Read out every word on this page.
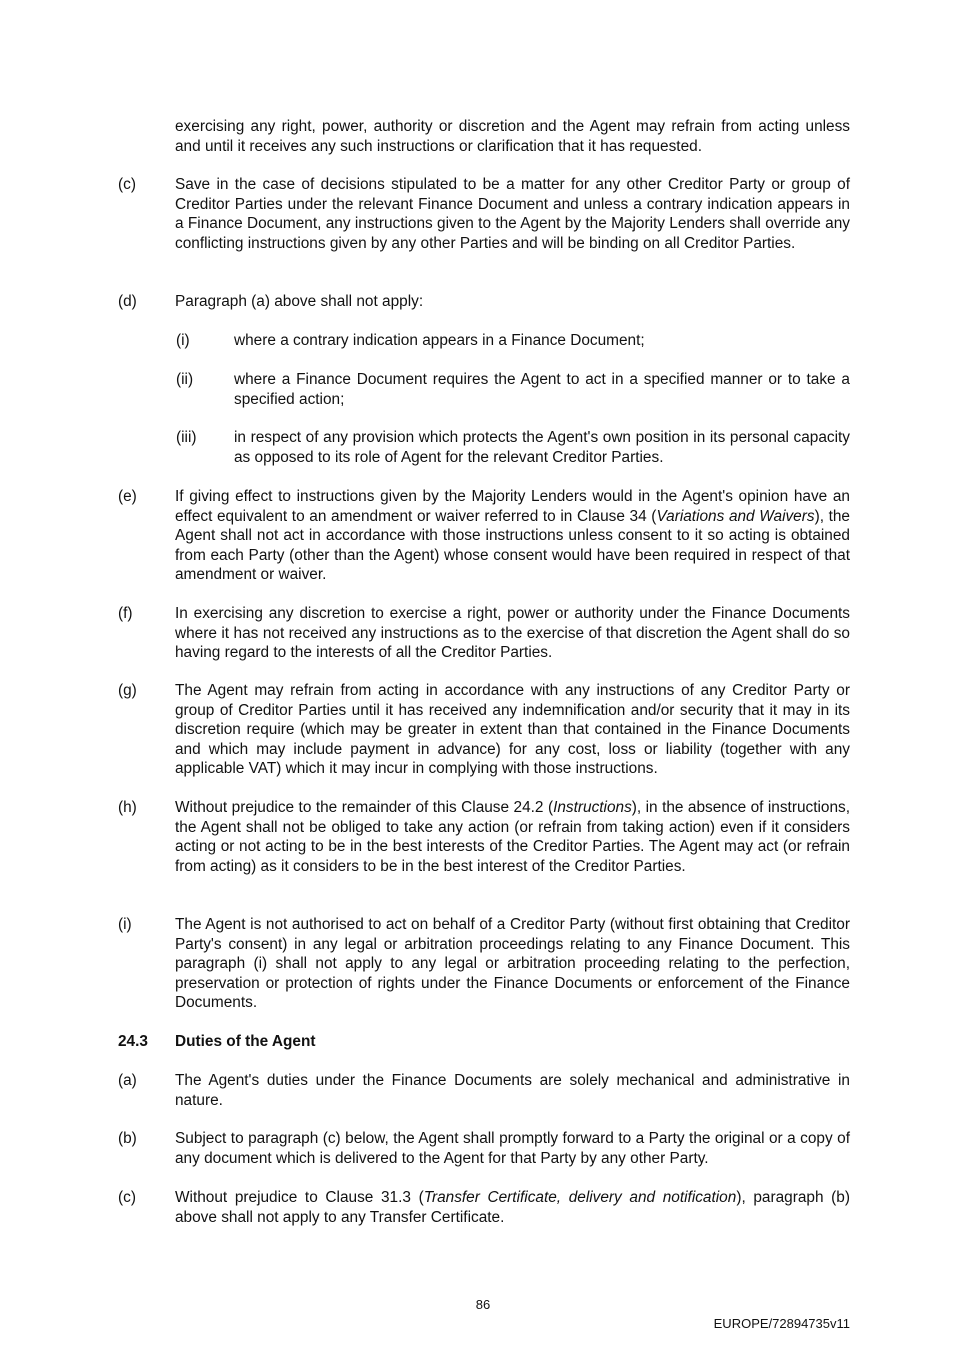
exercising any right, power, authority or discretion and the Agent may refrain from acting unless and until it receives any such instructions or clarification that it has requested.
(c)	Save in the case of decisions stipulated to be a matter for any other Creditor Party or group of Creditor Parties under the relevant Finance Document and unless a contrary indication appears in a Finance Document, any instructions given to the Agent by the Majority Lenders shall override any conflicting instructions given by any other Parties and will be binding on all Creditor Parties.
(d) Paragraph (a) above shall not apply:
(i)	where a contrary indication appears in a Finance Document;
(ii)	where a Finance Document requires the Agent to act in a specified manner or to take a specified action;
(iii) in respect of any provision which protects the Agent's own position in its personal capacity as opposed to its role of Agent for the relevant Creditor Parties.
(e) If giving effect to instructions given by the Majority Lenders would in the Agent's opinion have an effect equivalent to an amendment or waiver referred to in Clause 34 (Variations and Waivers), the Agent shall not act in accordance with those instructions unless consent to it so acting is obtained from each Party (other than the Agent) whose consent would have been required in respect of that amendment or waiver.
(f)	In exercising any discretion to exercise a right, power or authority under the Finance Documents where it has not received any instructions as to the exercise of that discretion the Agent shall do so having regard to the interests of all the Creditor Parties.
(g) The Agent may refrain from acting in accordance with any instructions of any Creditor Party or group of Creditor Parties until it has received any indemnification and/or security that it may in its discretion require (which may be greater in extent than that contained in the Finance Documents and which may include payment in advance) for any cost, loss or liability (together with any applicable VAT) which it may incur in complying with those instructions.
(h) Without prejudice to the remainder of this Clause 24.2 (Instructions), in the absence of instructions, the Agent shall not be obliged to take any action (or refrain from taking action) even if it considers acting or not acting to be in the best interests of the Creditor Parties. The Agent may act (or refrain from acting) as it considers to be in the best interest of the Creditor Parties.
(i)	The Agent is not authorised to act on behalf of a Creditor Party (without first obtaining that Creditor Party's consent) in any legal or arbitration proceedings relating to any Finance Document. This paragraph (i) shall not apply to any legal or arbitration proceeding relating to the perfection, preservation or protection of rights under the Finance Documents or enforcement of the Finance Documents.
24.3 Duties of the Agent
(a) The Agent's duties under the Finance Documents are solely mechanical and administrative in nature.
(b) Subject to paragraph (c) below, the Agent shall promptly forward to a Party the original or a copy of any document which is delivered to the Agent for that Party by any other Party.
(c)	Without prejudice to Clause 31.3 (Transfer Certificate, delivery and notification), paragraph (b) above shall not apply to any Transfer Certificate.
86
EUROPE/72894735v11
